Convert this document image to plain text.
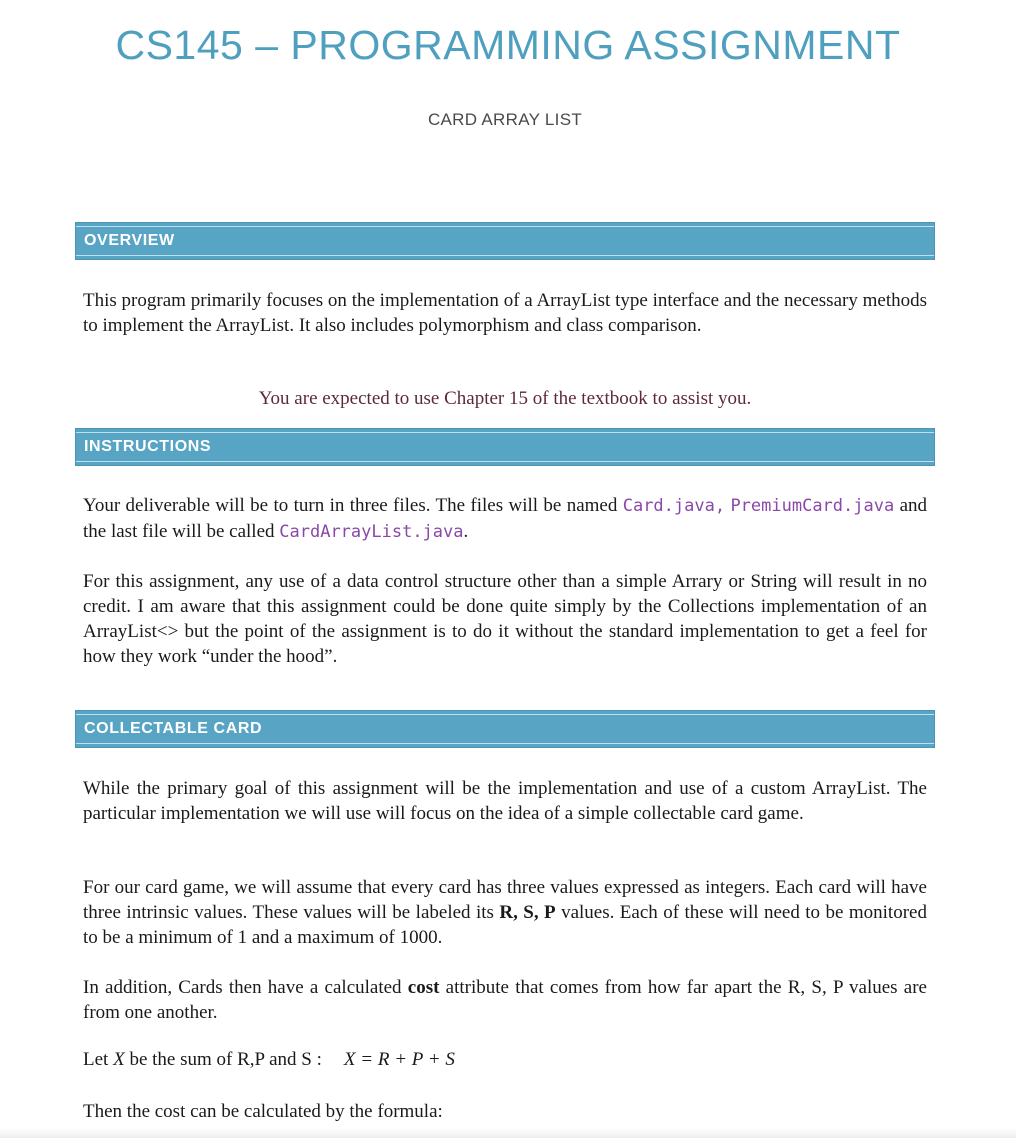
CS145 – PROGRAMMING ASSIGNMENT
CARD ARRAY LIST
OVERVIEW
This program primarily focuses on the implementation of a ArrayList type interface and the necessary methods to implement the ArrayList. It also includes polymorphism and class comparison.
You are expected to use Chapter 15 of the textbook to assist you.
INSTRUCTIONS
Your deliverable will be to turn in three files. The files will be named Card.java, PremiumCard.java and the last file will be called CardArrayList.java.
For this assignment, any use of a data control structure other than a simple Arrary or String will result in no credit. I am aware that this assignment could be done quite simply by the Collections implementation of an ArrayList<> but the point of the assignment is to do it without the standard implementation to get a feel for how they work “under the hood”.
COLLECTABLE CARD
While the primary goal of this assignment will be the implementation and use of a custom ArrayList. The particular implementation we will use will focus on the idea of a simple collectable card game.
For our card game, we will assume that every card has three values expressed as integers. Each card will have three intrinsic values. These values will be labeled its R, S, P values. Each of these will need to be monitored to be a minimum of 1 and a maximum of 1000.
In addition, Cards then have a calculated cost attribute that comes from how far apart the R, S, P values are from one another.
Let X be the sum of R,P and S : X = R + P + S
Then the cost can be calculated by the formula:
